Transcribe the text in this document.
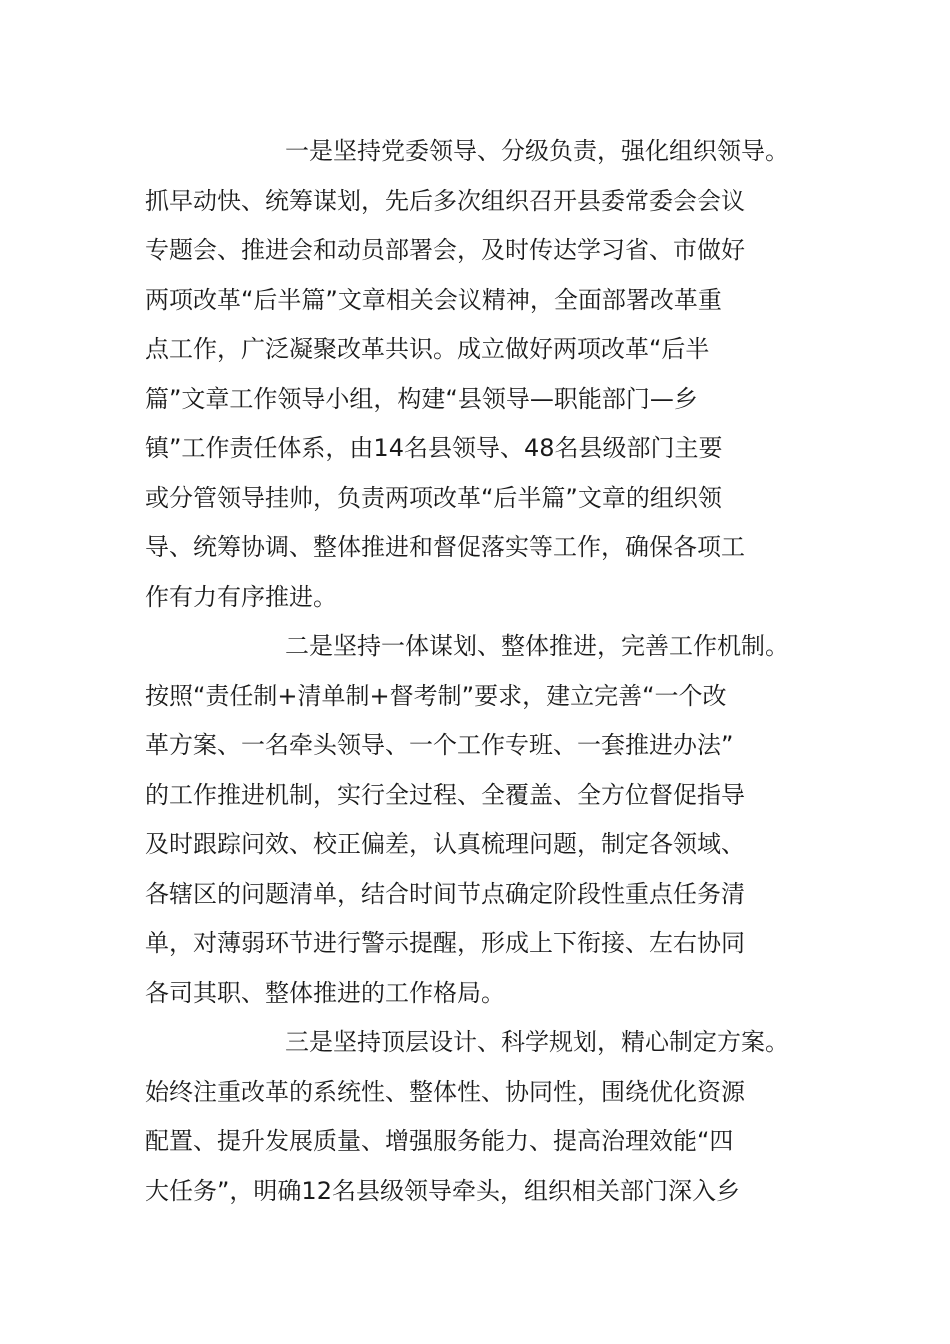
一是坚持党委领导、分级负责，强化组织领导。
抓早动快、统筹谋划，先后多次组织召开县委常委会会议
专题会、推进会和动员部署会，及时传达学习省、市做好
两项改革“后半篇”文章相关会议精神，全面部署改革重
点工作，广泛凝聚改革共识。成立做好两项改革“后半
篇”文章工作领导小组，构建“县领导—职能部门—乡
镇”工作责任体系，由14名县领导、48名县级部门主要
或分管领导挂帅，负责两项改革“后半篇”文章的组织领
导、统筹协调、整体推进和督促落实等工作，确保各项工
作有力有序推进。
二是坚持一体谋划、整体推进，完善工作机制。
按照“责任制+清单制+督考制”要求，建立完善“一个改
革方案、一名牵头领导、一个工作专班、一套推进办法”
的工作推进机制，实行全过程、全覆盖、全方位督促指导
及时跟踪问效、校正偏差，认真梳理问题，制定各领域、
各辖区的问题清单，结合时间节点确定阶段性重点任务清
单，对薄弱环节进行警示提醒，形成上下衔接、左右协同
各司其职、整体推进的工作格局。
三是坚持顶层设计、科学规划，精心制定方案。
始终注重改革的系统性、整体性、协同性，围绕优化资源
配置、提升发展质量、增强服务能力、提高治理效能“四
大任务”，明确12名县级领导牵头，组织相关部门深入乡
